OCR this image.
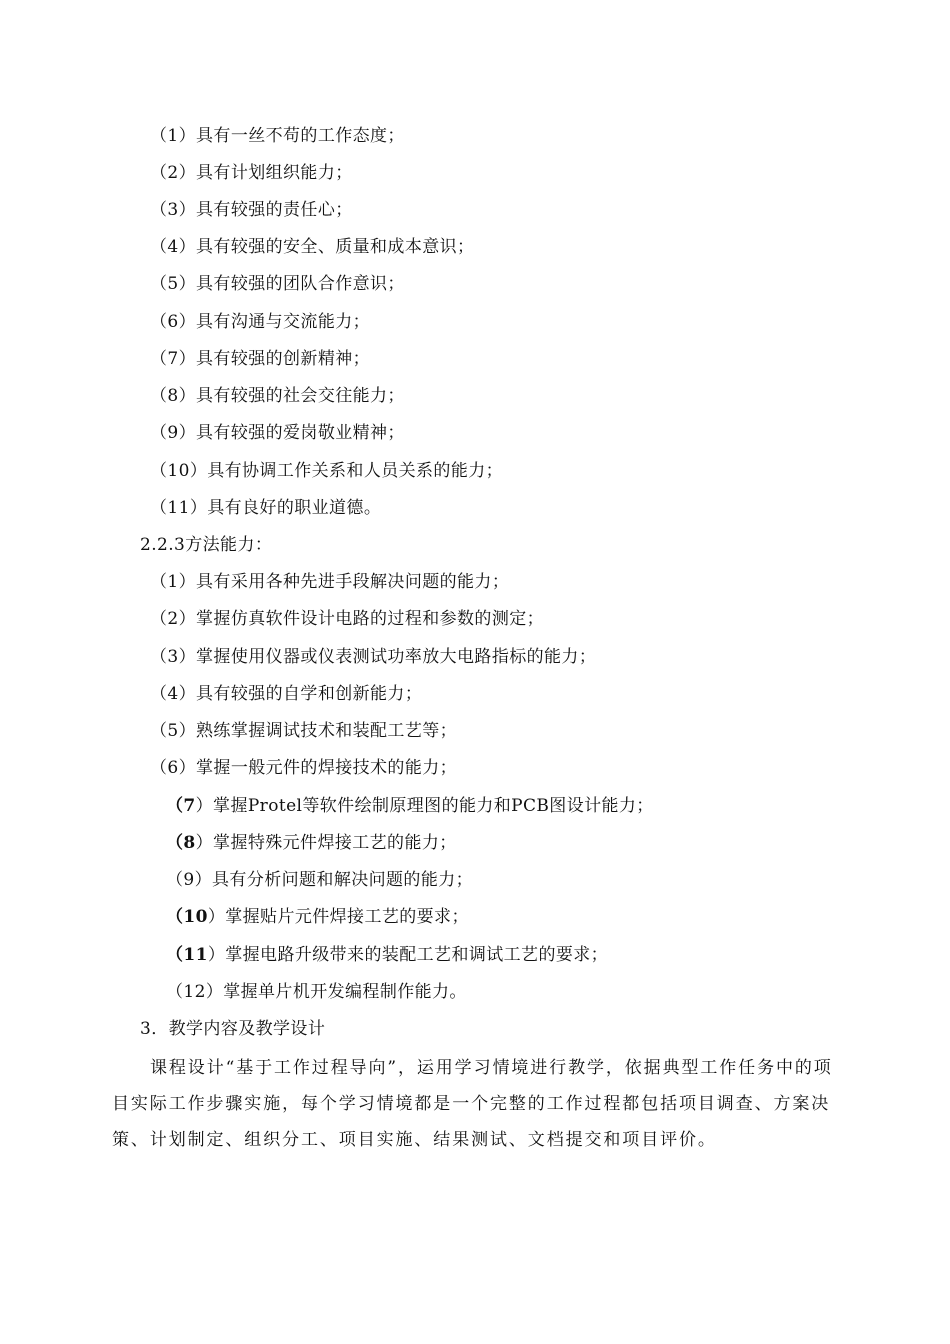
（1）具有一丝不苟的工作态度；
（2）具有计划组织能力；
（3）具有较强的责任心；
（4）具有较强的安全、质量和成本意识；
（5）具有较强的团队合作意识；
（6）具有沟通与交流能力；
（7）具有较强的创新精神；
（8）具有较强的社会交往能力；
（9）具有较强的爱岗敬业精神；
（10）具有协调工作关系和人员关系的能力；
（11）具有良好的职业道德。
2.2.3方法能力：
（1）具有采用各种先进手段解决问题的能力；
（2）掌握仿真软件设计电路的过程和参数的测定；
（3）掌握使用仪器或仪表测试功率放大电路指标的能力；
（4）具有较强的自学和创新能力；
（5）熟练掌握调试技术和装配工艺等；
（6）掌握一般元件的焊接技术的能力；
（7）掌握Protel等软件绘制原理图的能力和PCB图设计能力；
（8）掌握特殊元件焊接工艺的能力；
（9）具有分析问题和解决问题的能力；
（10）掌握贴片元件焊接工艺的要求；
（11）掌握电路升级带来的装配工艺和调试工艺的要求；
（12）掌握单片机开发编程制作能力。
3．教学内容及教学设计
课程设计“基于工作过程导向”，运用学习情境进行教学，依据典型工作任务中的项目实际工作步骤实施，每个学习情境都是一个完整的工作过程都包括项目调查、方案决策、计划制定、组织分工、项目实施、结果测试、文档提交和项目评价。
